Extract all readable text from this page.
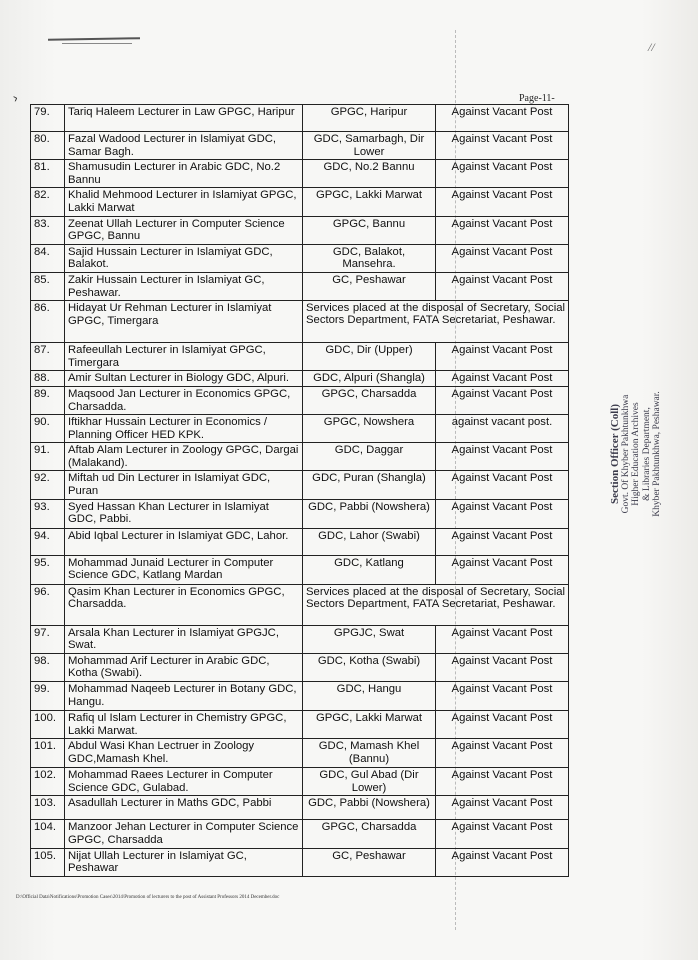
//
›	Page-11-
79.	Tariq Haleem Lecturer in Law GPGC, Haripur	GPGC, Haripur	Against Vacant Post
80.	Fazal Wadood Lecturer in Islamiyat GDC, Samar Bagh.	GDC, Samarbagh, Dir Lower	Against Vacant Post
81.	Shamusudin Lecturer in Arabic GDC, No.2 Bannu	GDC, No.2 Bannu	Against Vacant Post
82.	Khalid Mehmood Lecturer in Islamiyat GPGC, Lakki Marwat	GPGC, Lakki Marwat	Against Vacant Post
83.	Zeenat Ullah Lecturer in Computer Science GPGC, Bannu	GPGC, Bannu	Against Vacant Post
84.	Sajid Hussain Lecturer in Islamiyat GDC, Balakot.	GDC, Balakot, Mansehra.	Against Vacant Post
85.	Zakir Hussain Lecturer in Islamiyat GC, Peshawar.	GC, Peshawar	Against Vacant Post
86.	Hidayat Ur Rehman Lecturer in Islamiyat GPGC, Timergara	Services placed at the disposal of Secretary, Social Sectors Department, FATA Secretariat, Peshawar.	
87.	Rafeeullah Lecturer in Islamiyat GPGC, Timergara	GDC, Dir (Upper)	Against Vacant Post
88.	Amir Sultan Lecturer in Biology GDC, Alpuri.	GDC, Alpuri (Shangla)	Against Vacant Post
89.	Maqsood Jan Lecturer in Economics GPGC, Charsadda.	GPGC, Charsadda	Against Vacant Post
90.	Iftikhar Hussain Lecturer in Economics / Planning Officer HED KPK.	GPGC, Nowshera	against vacant post.
91.	Aftab Alam Lecturer in Zoology GPGC, Dargai (Malakand).	GDC, Daggar	Against Vacant Post
92.	Miftah ud Din Lecturer in Islamiyat GDC, Puran	GDC, Puran (Shangla)	Against Vacant Post
93.	Syed Hassan Khan Lecturer in Islamiyat GDC, Pabbi.	GDC, Pabbi (Nowshera)	Against Vacant Post
94.	Abid Iqbal Lecturer in Islamiyat GDC, Lahor.	GDC, Lahor (Swabi)	Against Vacant Post
95.	Mohammad Junaid Lecturer in Computer Science GDC, Katlang Mardan	GDC, Katlang	Against Vacant Post
96.	Qasim Khan Lecturer in Economics GPGC, Charsadda.	Services placed at the disposal of Secretary, Social Sectors Department, FATA Secretariat, Peshawar.	
97.	Arsala Khan Lecturer in Islamiyat GPGJC, Swat.	GPGJC, Swat	Against Vacant Post
98.	Mohammad Arif Lecturer in Arabic GDC, Kotha (Swabi).	GDC, Kotha (Swabi)	Against Vacant Post
99.	Mohammad Naqeeb Lecturer in Botany GDC, Hangu.	GDC, Hangu	Against Vacant Post
100.	Rafiq ul Islam Lecturer in Chemistry GPGC, Lakki Marwat.	GPGC, Lakki Marwat	Against Vacant Post
101.	Abdul Wasi Khan Lectruer in Zoology GDC,Mamash Khel.	GDC, Mamash Khel (Bannu)	Against Vacant Post
102.	Mohammad Raees Lecturer in Computer Science GDC, Gulabad.	GDC, Gul Abad (Dir Lower)	Against Vacant Post
103.	Asadullah Lecturer in Maths GDC, Pabbi	GDC, Pabbi (Nowshera)	Against Vacant Post
104.	Manzoor Jehan Lecturer in Computer Science GPGC, Charsadda	GPGC, Charsadda	Against Vacant Post
105.	Nijat Ullah Lecturer in Islamiyat GC, Peshawar	GC, Peshawar	Against Vacant Post
Section Officer (Coll) Govt. Of Khyber Pakhtunkhwa Higher Education Archives & Libraries Department, Khyber Pakhtunkhwa, Peshawar.
D:\Official Data\Notifications\Promotion Cases\2014\Promotion of lecturers to the post of Assistant Professors 2014 December.doc
